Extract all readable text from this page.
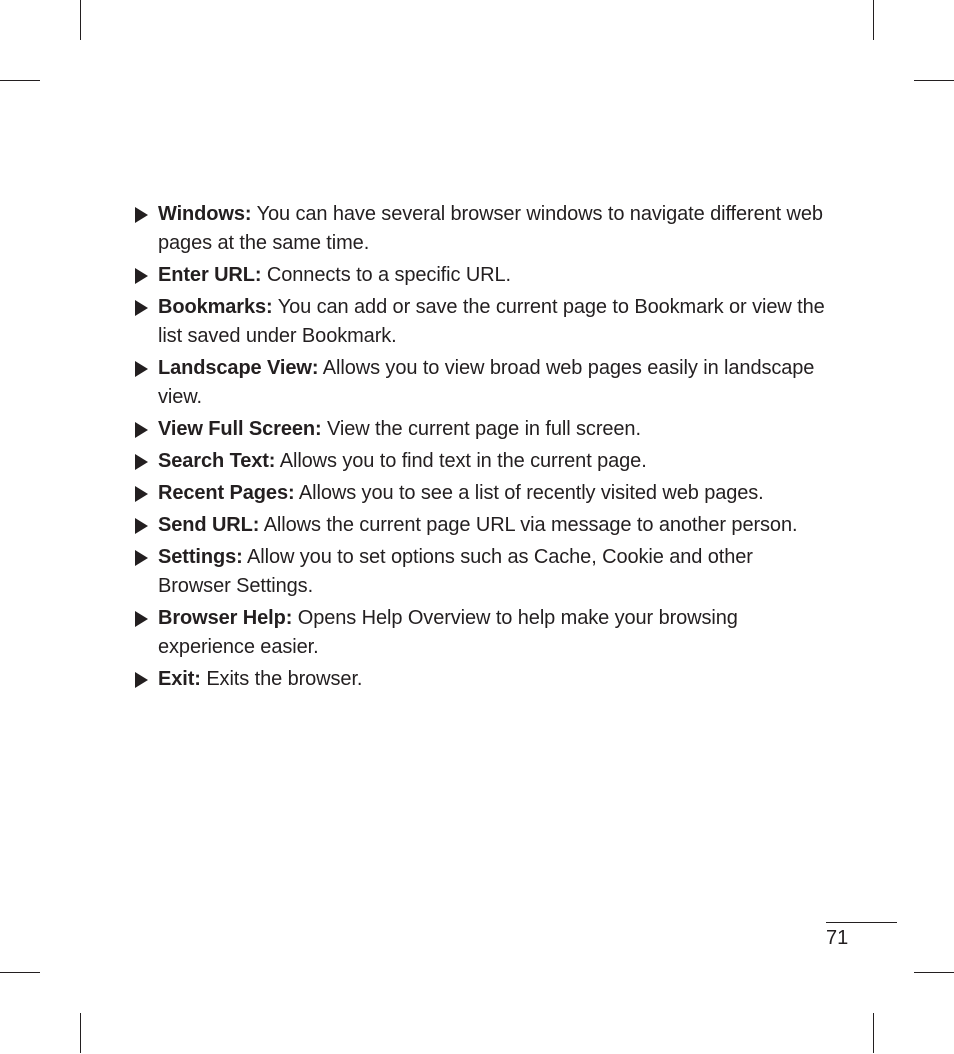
Windows: You can have several browser windows to navigate different web pages at the same time.
Enter URL: Connects to a specific URL.
Bookmarks: You can add or save the current page to Bookmark or view the list saved under Bookmark.
Landscape View: Allows you to view broad web pages easily in landscape view.
View Full Screen: View the current page in full screen.
Search Text: Allows you to find text in the current page.
Recent Pages: Allows you to see a list of recently visited web pages.
Send URL: Allows the current page URL via message to another person.
Settings: Allow you to set options such as Cache, Cookie and other Browser Settings.
Browser Help: Opens Help Overview to help make your browsing experience easier.
Exit: Exits the browser.
71
